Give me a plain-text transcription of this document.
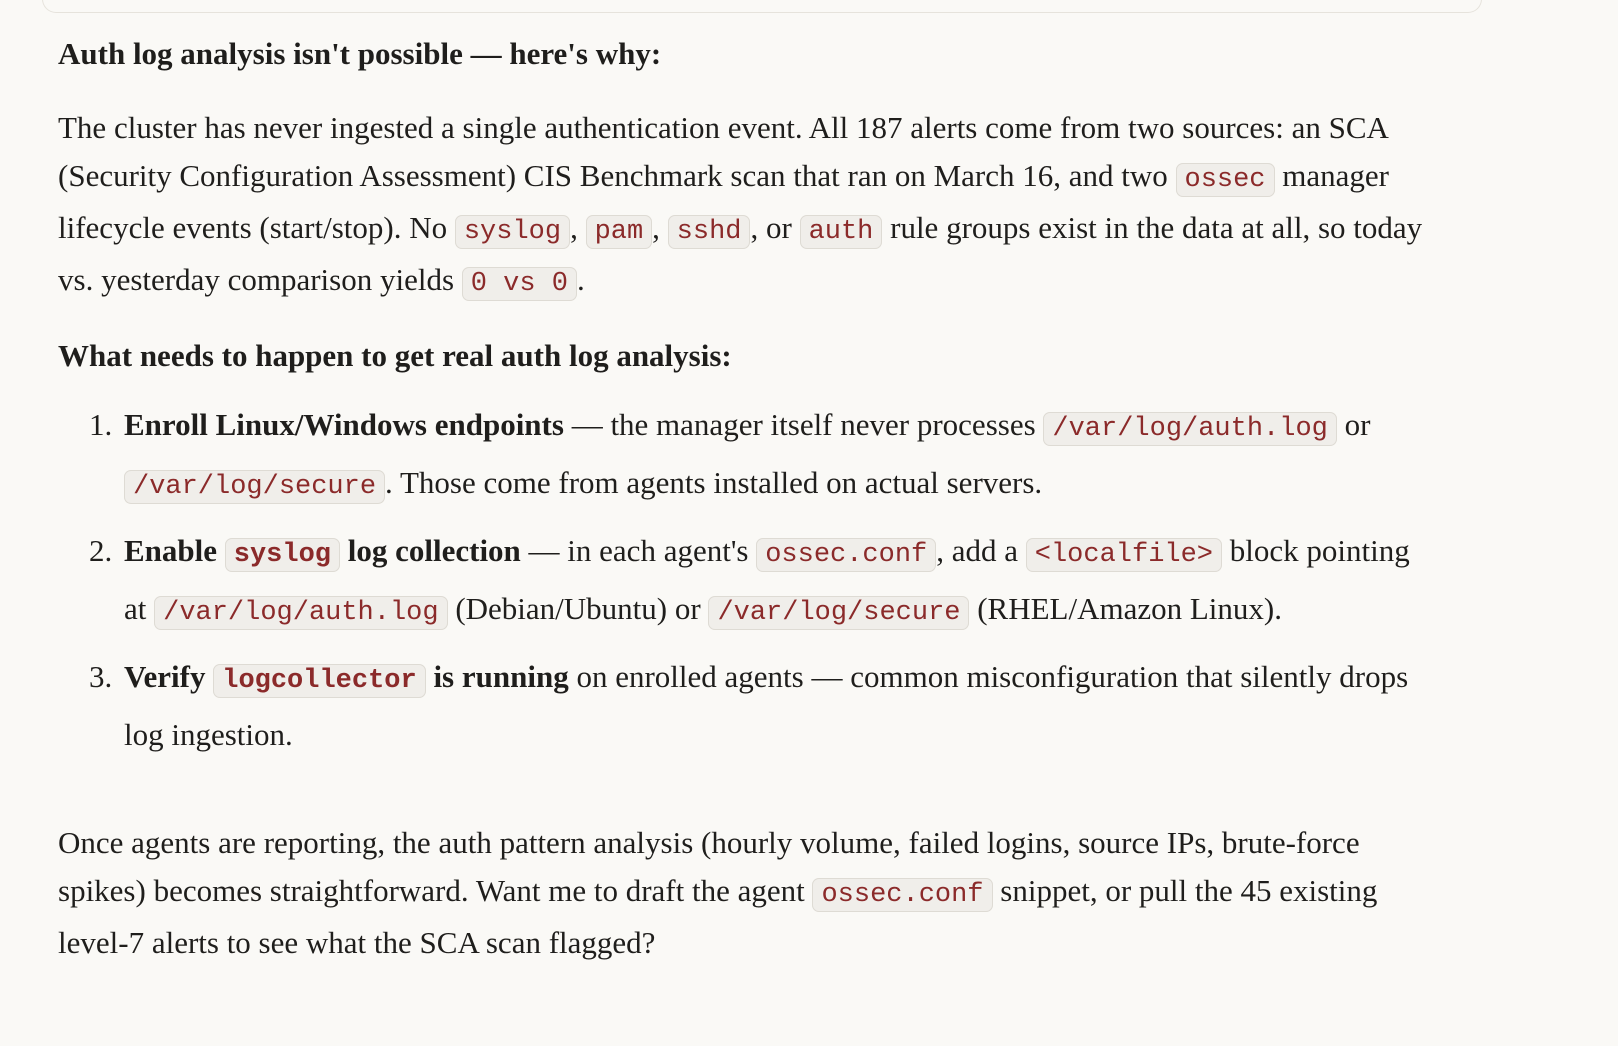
Auth log analysis isn't possible — here's why:

The cluster has never ingested a single authentication event. All 187 alerts come from two sources: an SCA (Security Configuration Assessment) CIS Benchmark scan that ran on March 16, and two ossec manager lifecycle events (start/stop). No syslog , pam , sshd , or auth rule groups exist in the data at all, so today vs. yesterday comparison yields 0 vs 0 .

What needs to happen to get real auth log analysis:
1. Enroll Linux/Windows endpoints — the manager itself never processes /var/log/auth.log or /var/log/secure . Those come from agents installed on actual servers.
2. Enable syslog log collection — in each agent's ossec.conf , add a <localfile> block pointing at /var/log/auth.log (Debian/Ubuntu) or /var/log/secure (RHEL/Amazon Linux).
3. Verify logcollector is running on enrolled agents — common misconfiguration that silently drops log ingestion.

Once agents are reporting, the auth pattern analysis (hourly volume, failed logins, source IPs, brute-force spikes) becomes straightforward. Want me to draft the agent ossec.conf snippet, or pull the 45 existing level-7 alerts to see what the SCA scan flagged?
